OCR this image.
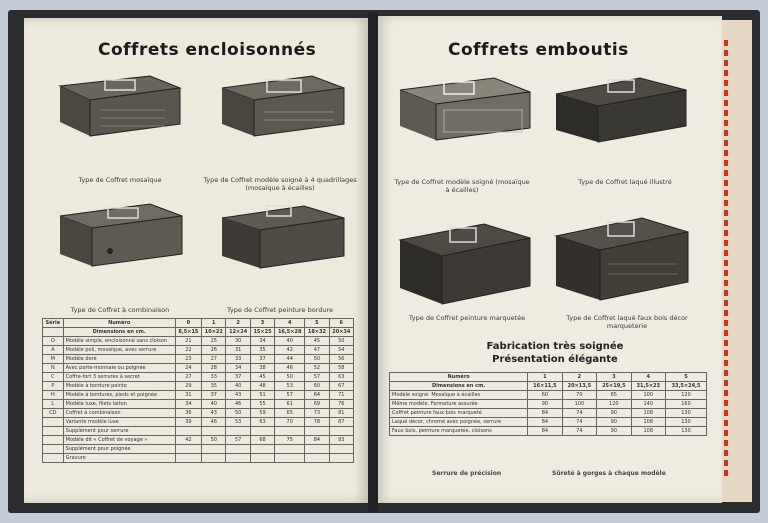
Coffrets encloisonnés
Type de Coffret mosaïque	Type de Coffret modèle soigné à 4 quadrillages (mosaïque à écailles)
Type de Coffret à combinaison	Type de Coffret peinture bordure
Série	Numéro	0	1	2	3	4	5	6
	Dimensions en cm.	8,5×15	10×22	12×24	15×25	16,5×28	18×32	20×34
O	Modèle simple, encloisonné sans cloison	21	25	30	34	40	45	50
A	Modèle poli, mosaïque, avec serrure	22	26	31	35	42	47	54
M	Modèle doré	23	27	33	37	44	50	56
N	Avec porte-monnaie ou poignée	24	28	34	38	46	52	58
C	Coffre-fort 3 serrures à secret	27	33	37	45	50	57	63
P	Modèle à bordure peinte	29	35	40	48	53	60	67
H	Modèle à bordures, pieds et poignée	31	37	43	51	57	64	71
L	Modèle luxe, filets laiton	34	40	46	55	61	69	76
CD	Coffret à combinaison	36	43	50	59	65	73	81
	Variante modèle luxe	39	46	53	63	70	78	87
	Supplément pour serrure							
	Modèle dit « Coffret de voyage »	42	50	57	68	75	84	93
	Supplément pour poignée							
	Gravure							
Coffrets emboutis
Type de Coffret modèle soigné (mosaïque à écailles)
Type de Coffret laqué illustré
Type de Coffret peinture marquetée	Type de Coffret laqué faux bois décor marqueterie
Fabrication très soignée
Présentation élégante
Numéro	1	2	3	4	5
Dimensions en cm.	16×11,5	20×13,5	25×19,5	31,5×23	33,5×24,5
Modèle soigné. Mosaïque à écailles	60	70	85	100	120
Même modèle. Fermeture assurée	90	100	120	140	160
Coffret peinture faux bois marqueté	84	74	90	108	130
Laqué décor, chromé avec poignée, serrure	84	74	90	108	130
Faux bois, peinture marquetée, cloisons	84	74	90	108	130
Serrure de précision	Sûreté à gorges à chaque modèle
